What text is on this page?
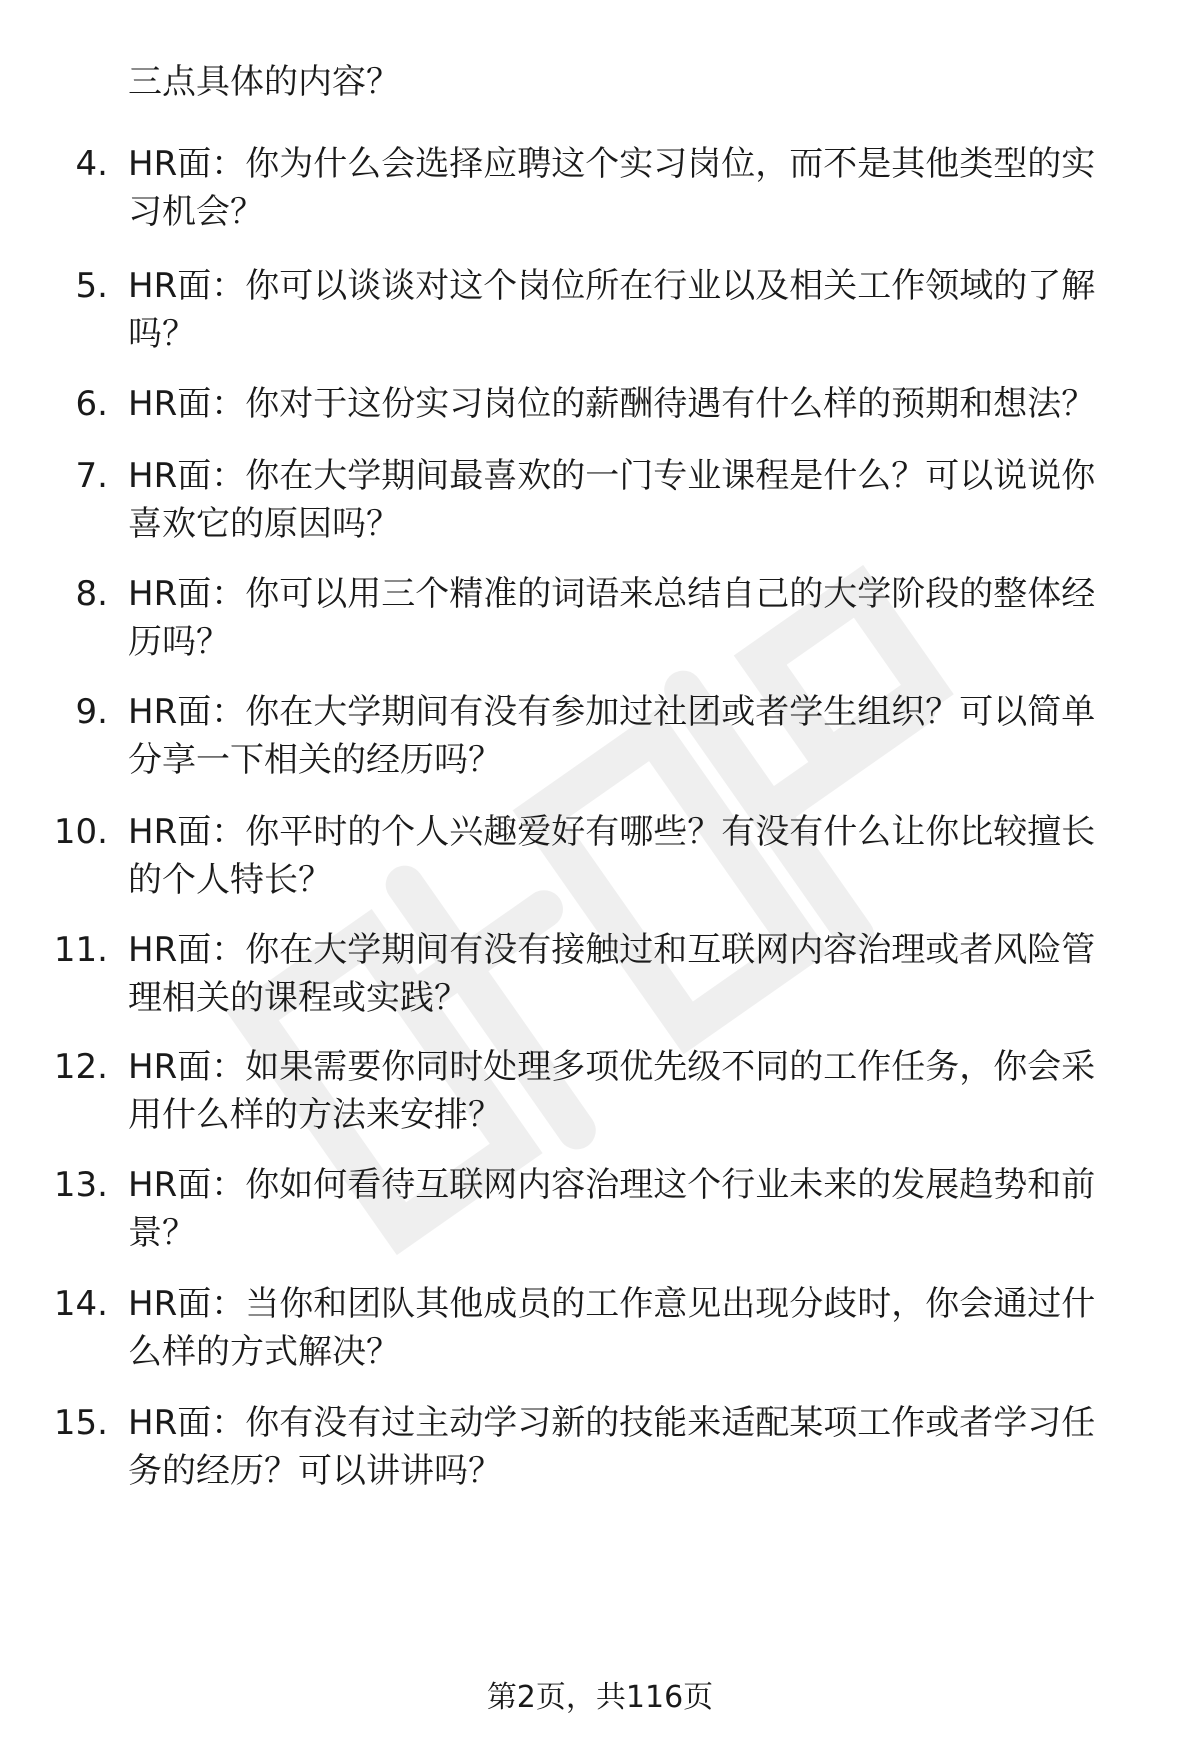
三点具体的内容？
4. HR面：你为什么会选择应聘这个实习岗位，而不是其他类型的实
习机会？
5. HR面：你可以谈谈对这个岗位所在行业以及相关工作领域的了解
吗？
6. HR面：你对于这份实习岗位的薪酬待遇有什么样的预期和想法？
7. HR面：你在大学期间最喜欢的一门专业课程是什么？可以说说你
喜欢它的原因吗？
8. HR面：你可以用三个精准的词语来总结自己的大学阶段的整体经
历吗？
9. HR面：你在大学期间有没有参加过社团或者学生组织？可以简单
分享一下相关的经历吗？
10. HR面：你平时的个人兴趣爱好有哪些？有没有什么让你比较擅长
的个人特长？
11. HR面：你在大学期间有没有接触过和互联网内容治理或者风险管
理相关的课程或实践？
12. HR面：如果需要你同时处理多项优先级不同的工作任务，你会采
用什么样的方法来安排？
13. HR面：你如何看待互联网内容治理这个行业未来的发展趋势和前
景？
14. HR面：当你和团队其他成员的工作意见出现分歧时，你会通过什
么样的方式解决？
15. HR面：你有没有过主动学习新的技能来适配某项工作或者学习任
务的经历？可以讲讲吗？
第2页，共116页
